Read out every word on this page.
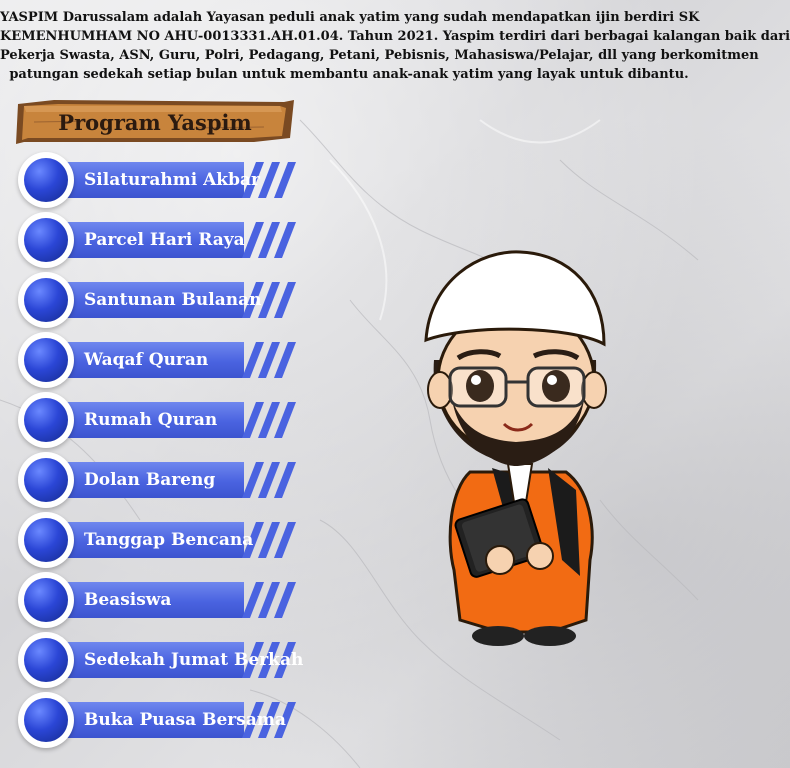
YASPIM Darussalam adalah Yayasan peduli anak yatim yang sudah mendapatkan ijin berdiri SK
KEMENHUMHAM NO AHU-0013331.AH.01.04. Tahun 2021. Yaspim terdiri dari berbagai kalangan baik dari
Pekerja Swasta, ASN, Guru, Polri, Pedagang, Petani, Pebisnis, Mahasiswa/Pelajar, dll yang berkomitmen
patungan sedekah setiap bulan untuk membantu anak-anak yatim yang layak untuk dibantu.
Program Yaspim
Silaturahmi Akbar
Parcel Hari Raya
Santunan Bulanan
Waqaf Quran
Rumah Quran
Dolan Bareng
Tanggap Bencana
Beasiswa
Sedekah Jumat Berkah
Buka Puasa Bersama
